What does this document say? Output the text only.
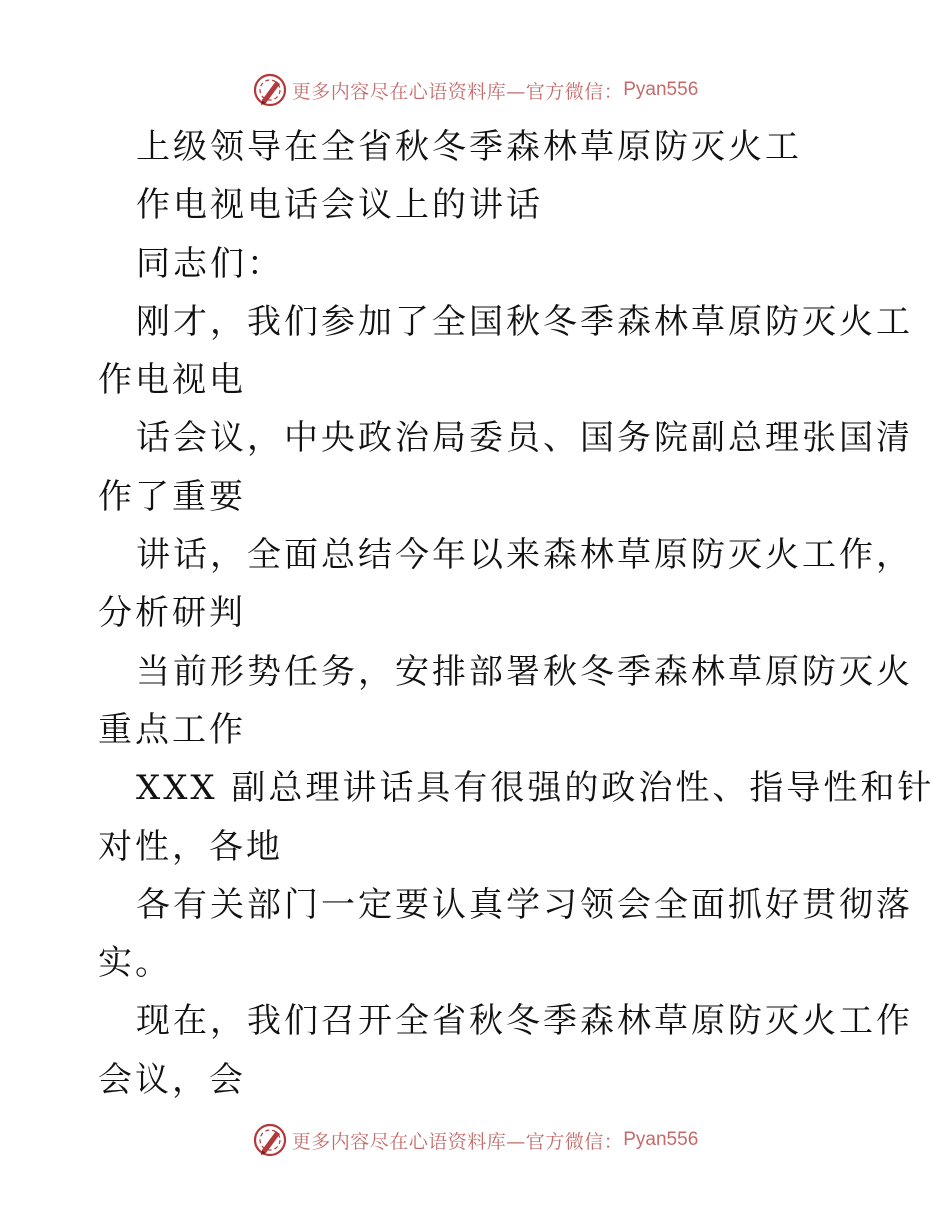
更多内容尽在心语资料库—官方微信： Pyan556
上级领导在全省秋冬季森林草原防灭火工
作电视电话会议上的讲话
同志们：
刚才，我们参加了全国秋冬季森林草原防灭火工
作电视电
话会议，中央政治局委员、国务院副总理张国清
作了重要
讲话，全面总结今年以来森林草原防灭火工作，
分析研判
当前形势任务，安排部署秋冬季森林草原防灭火
重点工作
XXX 副总理讲话具有很强的政治性、指导性和针
对性，各地
各有关部门一定要认真学习领会全面抓好贯彻落
实。
现在，我们召开全省秋冬季森林草原防灭火工作
会议，会
更多内容尽在心语资料库—官方微信： Pyan556
